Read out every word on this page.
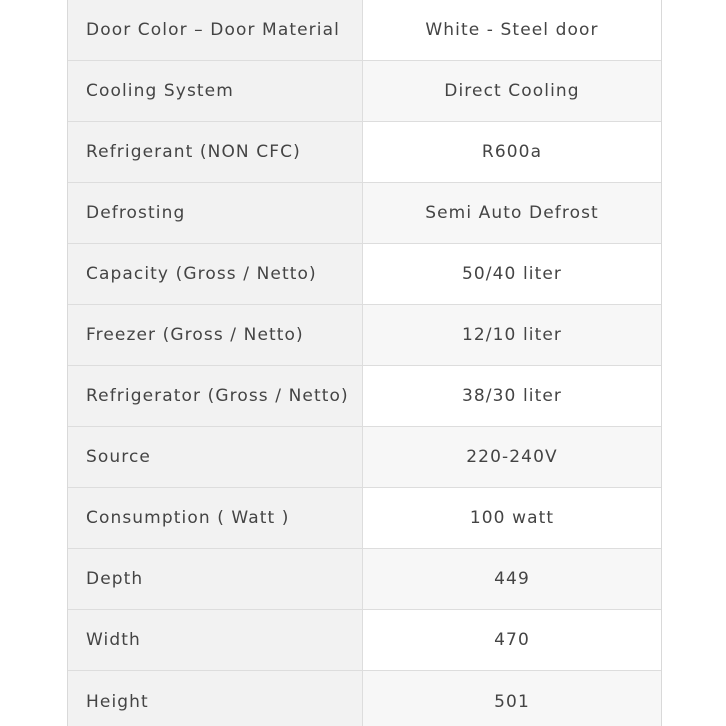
Door Color – Door Material	White - Steel door
Cooling System	Direct Cooling
Refrigerant (NON CFC)	R600a
Defrosting	Semi Auto Defrost
Capacity (Gross / Netto)	50/40 liter
Freezer (Gross / Netto)	12/10 liter
Refrigerator (Gross / Netto)	38/30 liter
Source	220-240V
Consumption ( Watt )	100 watt
Depth	449
Width	470
Height	501
